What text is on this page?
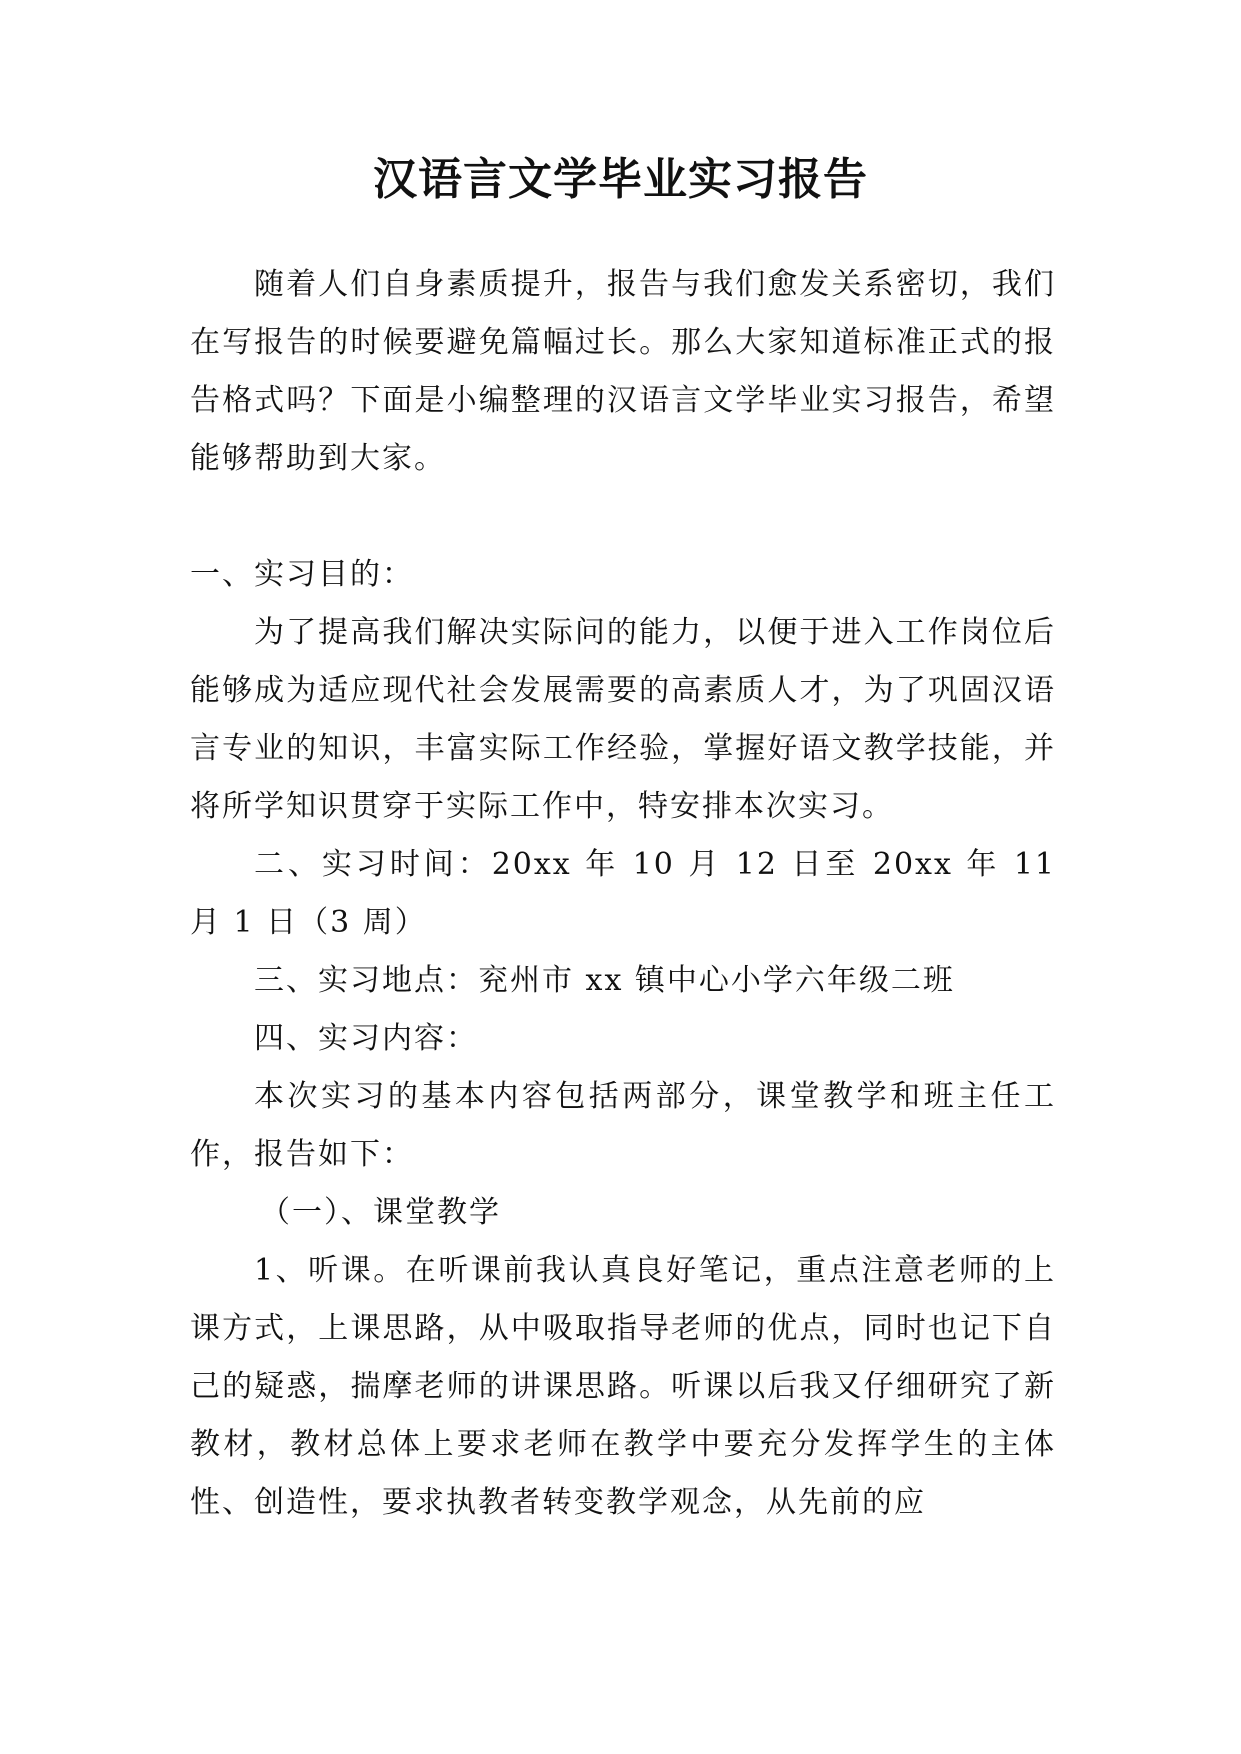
汉语言文学毕业实习报告

随着人们自身素质提升，报告与我们愈发关系密切，我们在写报告的时候要避免篇幅过长。那么大家知道标准正式的报告格式吗？下面是小编整理的汉语言文学毕业实习报告，希望能够帮助到大家。

一、实习目的：

为了提高我们解决实际问的能力，以便于进入工作岗位后能够成为适应现代社会发展需要的高素质人才，为了巩固汉语言专业的知识，丰富实际工作经验，掌握好语文教学技能，并将所学知识贯穿于实际工作中，特安排本次实习。

二、实习时间：20xx 年 10 月 12 日至 20xx 年 11 月 1 日（3 周）

三、实习地点：兖州市 xx 镇中心小学六年级二班

四、实习内容：

本次实习的基本内容包括两部分，课堂教学和班主任工作，报告如下：

（一）、课堂教学

1、听课。在听课前我认真良好笔记，重点注意老师的上课方式，上课思路，从中吸取指导老师的优点，同时也记下自己的疑惑，揣摩老师的讲课思路。听课以后我又仔细研究了新教材，教材总体上要求老师在教学中要充分发挥学生的主体性、创造性，要求执教者转变教学观念，从先前的应
